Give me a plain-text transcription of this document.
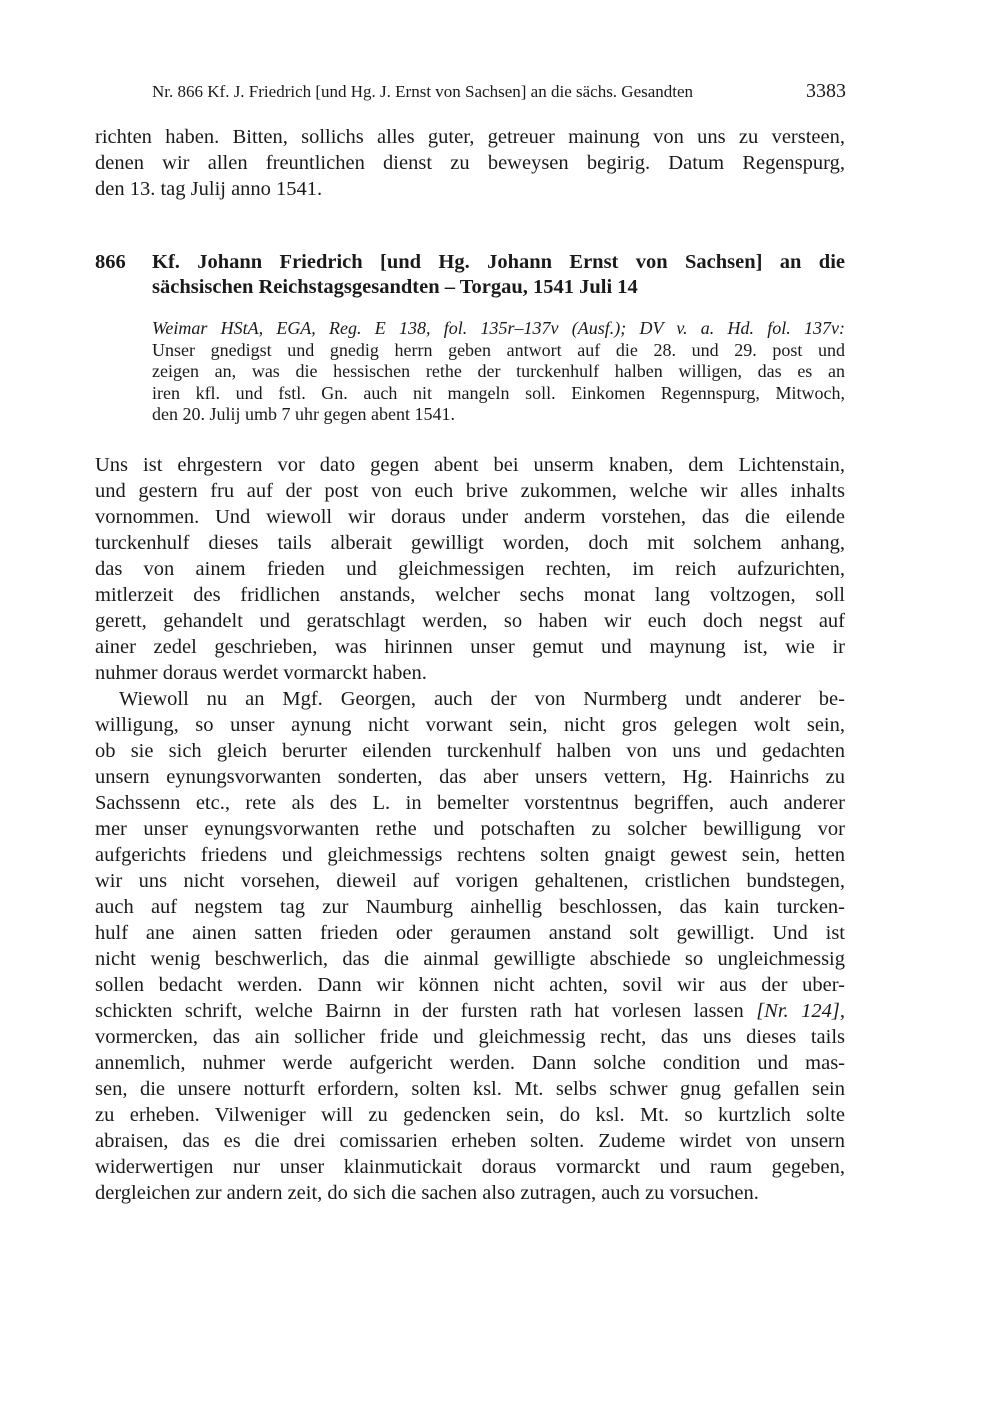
Nr. 866 Kf. J. Friedrich [und Hg. J. Ernst von Sachsen] an die sächs. Gesandten	3383
richten haben. Bitten, sollichs alles guter, getreuer mainung von uns zu versteen,
denen wir allen freuntlichen dienst zu beweysen begirig. Datum Regenspurg,
den 13. tag Julij anno 1541.
866 Kf. Johann Friedrich [und Hg. Johann Ernst von Sachsen] an die
sächsischen Reichstagsgesandten – Torgau, 1541 Juli 14
Weimar HStA, EGA, Reg. E 138, fol. 135r–137v (Ausf.); DV v. a. Hd. fol. 137v:
Unser gnedigst und gnedig herrn geben antwort auf die 28. und 29. post und
zeigen an, was die hessischen rethe der turckenhulf halben willigen, das es an
iren kfl. und fstl. Gn. auch nit mangeln soll. Einkomen Regennspurg, Mitwoch,
den 20. Julij umb 7 uhr gegen abent 1541.
Uns ist ehrgestern vor dato gegen abent bei unserm knaben, dem Lichtenstain,
und gestern fru auf der post von euch brive zukommen, welche wir alles inhalts
vornommen. Und wiewoll wir doraus under anderm vorstehen, das die eilende
turckenhulf dieses tails alberait gewilligt worden, doch mit solchem anhang,
das von ainem frieden und gleichmessigen rechten, im reich aufzurichten,
mitlerzeit des fridlichen anstands, welcher sechs monat lang voltzogen, soll
gerett, gehandelt und geratschlagt werden, so haben wir euch doch negst auf
ainer zedel geschrieben, was hirinnen unser gemut und maynung ist, wie ir
nuhmer doraus werdet vormarckt haben.
Wiewoll nu an Mgf. Georgen, auch der von Nurmberg undt anderer be-
willigung, so unser aynung nicht vorwant sein, nicht gros gelegen wolt sein,
ob sie sich gleich berurter eilenden turckenhulf halben von uns und gedachten
unsern eynungsvorwanten sonderten, das aber unsers vettern, Hg. Hainrichs zu
Sachssenn etc., rete als des L. in bemelter vorstentnus begriffen, auch anderer
mer unser eynungsvorwanten rethe und potschaften zu solcher bewilligung vor
aufgerichts friedens und gleichmessigs rechtens solten gnaigt gewest sein, hetten
wir uns nicht vorsehen, dieweil auf vorigen gehaltenen, cristlichen bundstegen,
auch auf negstem tag zur Naumburg ainhellig beschlossen, das kain turcken-
hulf ane ainen satten frieden oder geraumen anstand solt gewilligt. Und ist
nicht wenig beschwerlich, das die ainmal gewilligte abschiede so ungleichmessig
sollen bedacht werden. Dann wir können nicht achten, sovil wir aus der uber-
schickten schrift, welche Bairnn in der fursten rath hat vorlesen lassen [Nr. 124],
vormercken, das ain sollicher fride und gleichmessig recht, das uns dieses tails
annemlich, nuhmer werde aufgericht werden. Dann solche condition und mas-
sen, die unsere notturft erfordern, solten ksl. Mt. selbs schwer gnug gefallen sein
zu erheben. Vilweniger will zu gedencken sein, do ksl. Mt. so kurtzlich solte
abraisen, das es die drei comissarien erheben solten. Zudeme wirdet von unsern
widerwertigen nur unser klainmutickait doraus vormarckt und raum gegeben,
dergleichen zur andern zeit, do sich die sachen also zutragen, auch zu vorsuchen.
